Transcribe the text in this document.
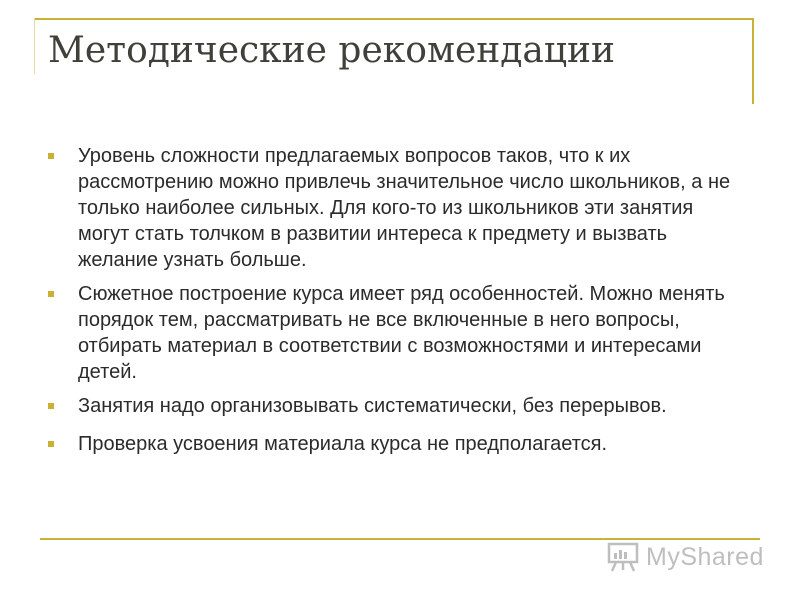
Методические рекомендации
Уровень сложности предлагаемых вопросов таков, что к их рассмотрению можно привлечь значительное число школьников, а не только наиболее сильных. Для кого-то из школьников эти занятия могут стать толчком в развитии интереса к предмету и вызвать желание узнать больше.
Сюжетное построение курса имеет ряд особенностей. Можно менять порядок тем, рассматривать не все включенные в него вопросы, отбирать материал в соответствии с возможностями и интересами детей.
Занятия надо организовывать систематически, без перерывов.
Проверка усвоения материала курса не предполагается.
MyShared
